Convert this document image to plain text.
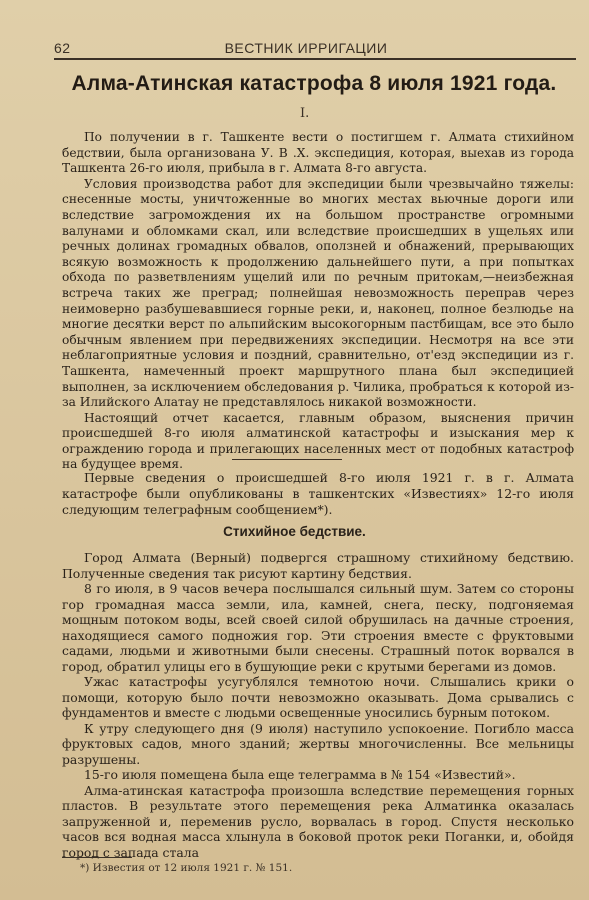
62	ВЕСТНИК ИРРИГАЦИИ
Алма-Атинская катастрофа 8 июля 1921 года.
I.

По получении в г. Ташкенте вести о постигшем г. Алмата стихийном бедствии, была организована У. В .Х. экспедиция, которая, выехав из города Ташкента 26-го июля, прибыла в г. Алмата 8-го августа.

Условия производства работ для экспедиции были чрезвычайно тяжелы: снесенные мосты, уничтоженные во многих местах вьючные дороги или вследствие загромождения их на большом пространстве огромными валунами и обломками скал, или вследствие происшедших в ущельях или речных долинах громадных обвалов, оползней и обнажений, прерывающих всякую возможность к продолжению дальнейшего пути, а при попытках обхода по разветвлениям ущелий или по речным притокам,—неизбежная встреча таких же преград; полнейшая невозможность переправ через неимоверно разбушевавшиеся горные реки, и, наконец, полное безлюдье на многие десятки верст по альпийским высокогорным пастбищам, все это было обычным явлением при передвижениях экспедиции. Несмотря на все эти неблагоприятные условия и поздний, сравнительно, от'езд экспедиции из г. Ташкента, намеченный проект маршрутного плана был экспедицией выполнен, за исключением обследования р. Чилика, пробраться к которой из-за Илийского Алатау не представлялось никакой возможности.

Настоящий отчет касается, главным образом, выяснения причин происшедшей 8-го июля алматинской катастрофы и изыскания мер к ограждению города и прилегающих населенных мест от подобных катастроф на будущее время.

Первые сведения о происшедшей 8-го июля 1921 г. в г. Алмата катастрофе были опубликованы в ташкентских «Известиях» 12-го июля следующим телеграфным сообщением*).

Стихийное бедствие.

Город Алмата (Верный) подвергся страшному стихийному бедствию. Полученные сведения так рисуют картину бедствия.

8 го июля, в 9 часов вечера послышался сильный шум. Затем со стороны гор громадная масса земли, ила, камней, снега, песку, подгоняемая мощным потоком воды, всей своей силой обрушилась на дачные строения, находящиеся самого подножия гор. Эти строения вместе с фруктовыми садами, людьми и животными были снесены. Страшный поток ворвался в город, обратил улицы его в бушующие реки с крутыми берегами из домов.

Ужас катастрофы усугублялся темнотою ночи. Слышались крики о помощи, которую было почти невозможно оказывать. Дома срывались с фундаментов и вместе с людьми освещенные уносились бурным потоком.

К утру следующего дня (9 июля) наступило успокоение. Погибло масса фруктовых садов, много зданий; жертвы многочисленны. Все мельницы разрушены.

15-го июля помещена была еще телеграмма в № 154 «Известий».

Алма-атинская катастрофа произошла вследствие перемещения горных пластов. В результате этого перемещения река Алматинка оказалась запруженной и, переменив русло, ворвалась в город. Спустя несколько часов вся водная масса хлынула в боковой проток реки Поганки, и, обойдя город с запада стала

*) Известия от 12 июля 1921 г. № 151.
